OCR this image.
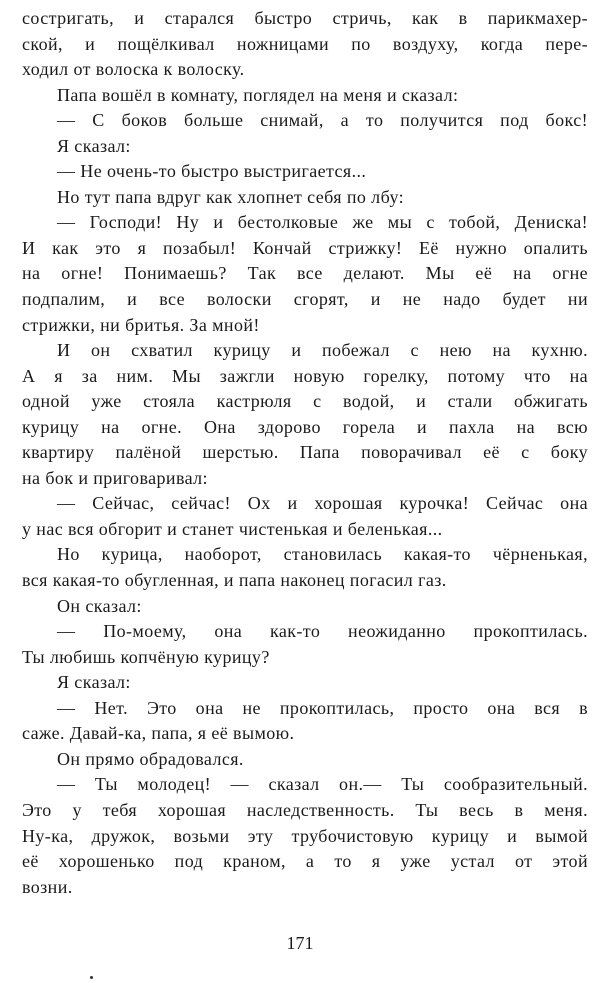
состригать, и старался быстро стричь, как в парикмахер-
ской, и пощёлкивал ножницами по воздуху, когда пере-
ходил от волоска к волоску.
Папа вошёл в комнату, поглядел на меня и сказал:
— С боков больше снимай, а то получится под бокс!
Я сказал:
— Не очень-то быстро выстригается...
Но тут папа вдруг как хлопнет себя по лбу:
— Господи! Ну и бестолковые же мы с тобой, Дениска!
И как это я позабыл! Кончай стрижку! Её нужно опалить
на огне! Понимаешь? Так все делают. Мы её на огне
подпалим, и все волоски сгорят, и не надо будет ни
стрижки, ни бритья. За мной!
И он схватил курицу и побежал с нею на кухню.
А я за ним. Мы зажгли новую горелку, потому что на
одной уже стояла кастрюля с водой, и стали обжигать
курицу на огне. Она здорово горела и пахла на всю
квартиру палёной шерстью. Папа поворачивал её с боку
на бок и приговаривал:
— Сейчас, сейчас! Ох и хорошая курочка! Сейчас она
у нас вся обгорит и станет чистенькая и беленькая...
Но курица, наоборот, становилась какая-то чёрненькая,
вся какая-то обугленная, и папа наконец погасил газ.
Он сказал:
— По-моему, она как-то неожиданно прокоптилась.
Ты любишь копчёную курицу?
Я сказал:
— Нет. Это она не прокоптилась, просто она вся в
саже. Давай-ка, папа, я её вымою.
Он прямо обрадовался.
— Ты молодец! — сказал он.— Ты сообразительный.
Это у тебя хорошая наследственность. Ты весь в меня.
Ну-ка, дружок, возьми эту трубочистовую курицу и вымой
её хорошенько под краном, а то я уже устал от этой
возни.
171
